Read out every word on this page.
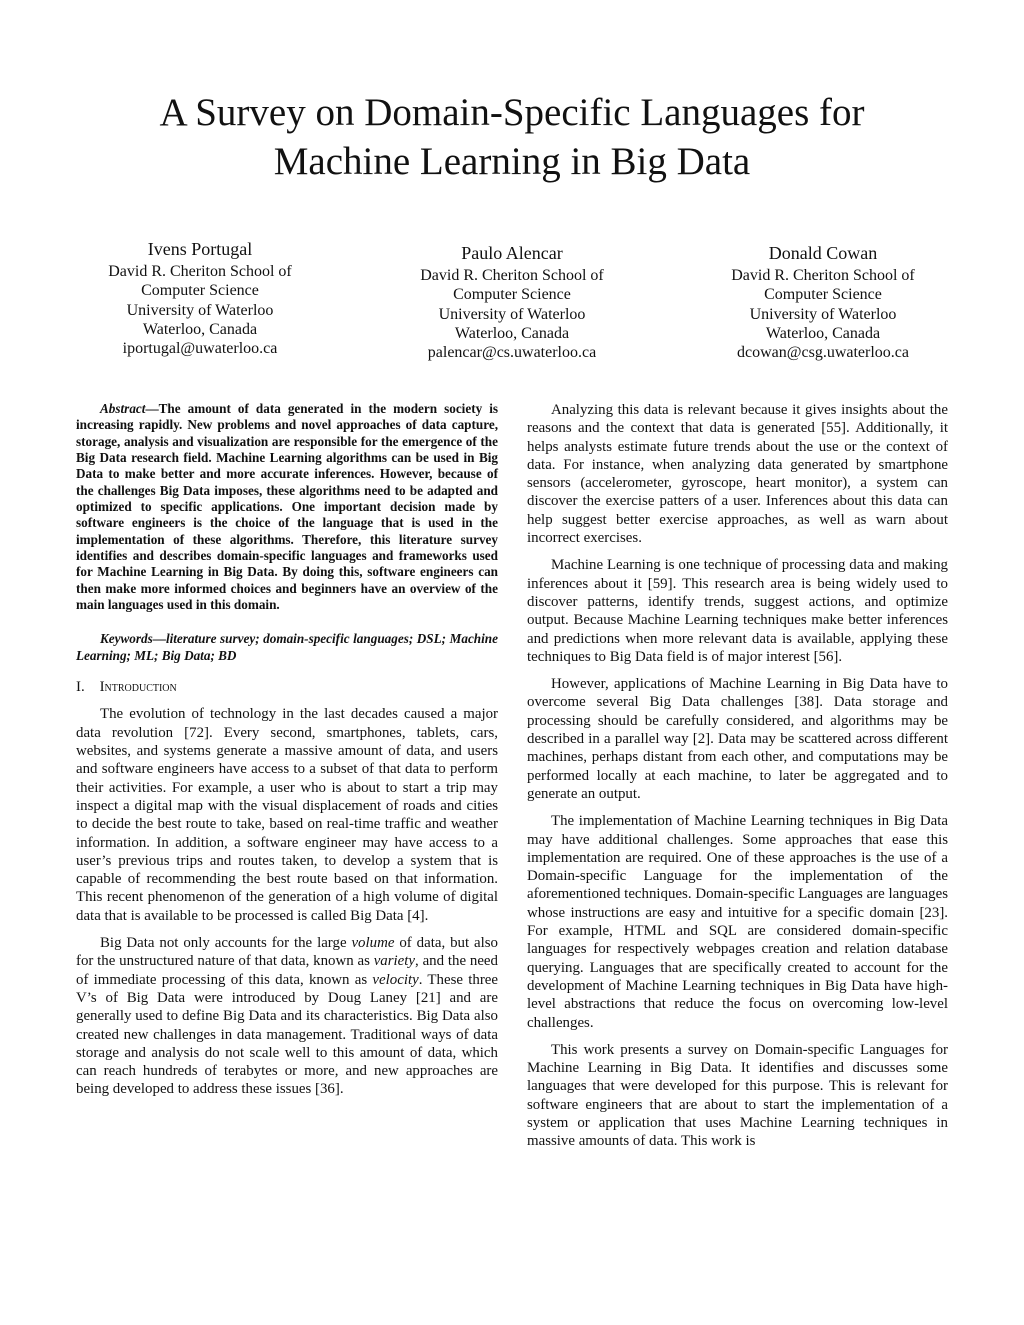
A Survey on Domain-Specific Languages for
Machine Learning in Big Data
Ivens Portugal
David R. Cheriton School of
Computer Science
University of Waterloo
Waterloo, Canada
iportugal@uwaterloo.ca
Paulo Alencar
David R. Cheriton School of
Computer Science
University of Waterloo
Waterloo, Canada
palencar@cs.uwaterloo.ca
Donald Cowan
David R. Cheriton School of
Computer Science
University of Waterloo
Waterloo, Canada
dcowan@csg.uwaterloo.ca

Abstract—The amount of data generated in the modern society is increasing rapidly. New problems and novel approaches of data capture, storage, analysis and visualization are responsible for the emergence of the Big Data research field. Machine Learning algorithms can be used in Big Data to make better and more accurate inferences. However, because of the challenges Big Data imposes, these algorithms need to be adapted and optimized to specific applications. One important decision made by software engineers is the choice of the language that is used in the implementation of these algorithms. Therefore, this literature survey identifies and describes domain-specific languages and frameworks used for Machine Learning in Big Data. By doing this, software engineers can then make more informed choices and beginners have an overview of the main languages used in this domain.

Keywords—literature survey; domain-specific languages; DSL; Machine Learning; ML; Big Data; BD

I. Introduction

The evolution of technology in the last decades caused a major data revolution [72]. Every second, smartphones, tablets, cars, websites, and systems generate a massive amount of data, and users and software engineers have access to a subset of that data to perform their activities. For example, a user who is about to start a trip may inspect a digital map with the visual displacement of roads and cities to decide the best route to take, based on real-time traffic and weather information. In addition, a software engineer may have access to a user’s previous trips and routes taken, to develop a system that is capable of recommending the best route based on that information. This recent phenomenon of the generation of a high volume of digital data that is available to be processed is called Big Data [4].

Big Data not only accounts for the large volume of data, but also for the unstructured nature of that data, known as variety, and the need of immediate processing of this data, known as velocity. These three V’s of Big Data were introduced by Doug Laney [21] and are generally used to define Big Data and its characteristics. Big Data also created new challenges in data management. Traditional ways of data storage and analysis do not scale well to this amount of data, which can reach hundreds of terabytes or more, and new approaches are being developed to address these issues [36].

Analyzing this data is relevant because it gives insights about the reasons and the context that data is generated [55]. Additionally, it helps analysts estimate future trends about the use or the context of data. For instance, when analyzing data generated by smartphone sensors (accelerometer, gyroscope, heart monitor), a system can discover the exercise patters of a user. Inferences about this data can help suggest better exercise approaches, as well as warn about incorrect exercises.

Machine Learning is one technique of processing data and making inferences about it [59]. This research area is being widely used to discover patterns, identify trends, suggest actions, and optimize output. Because Machine Learning techniques make better inferences and predictions when more relevant data is available, applying these techniques to Big Data field is of major interest [56].

However, applications of Machine Learning in Big Data have to overcome several Big Data challenges [38]. Data storage and processing should be carefully considered, and algorithms may be described in a parallel way [2]. Data may be scattered across different machines, perhaps distant from each other, and computations may be performed locally at each machine, to later be aggregated and to generate an output.

The implementation of Machine Learning techniques in Big Data may have additional challenges. Some approaches that ease this implementation are required. One of these approaches is the use of a Domain-specific Language for the implementation of the aforementioned techniques. Domain-specific Languages are languages whose instructions are easy and intuitive for a specific domain [23]. For example, HTML and SQL are considered domain-specific languages for respectively webpages creation and relation database querying. Languages that are specifically created to account for the development of Machine Learning techniques in Big Data have high-level abstractions that reduce the focus on overcoming low-level challenges.

This work presents a survey on Domain-specific Languages for Machine Learning in Big Data. It identifies and discusses some languages that were developed for this purpose. This is relevant for software engineers that are about to start the implementation of a system or application that uses Machine Learning techniques in massive amounts of data. This work is
